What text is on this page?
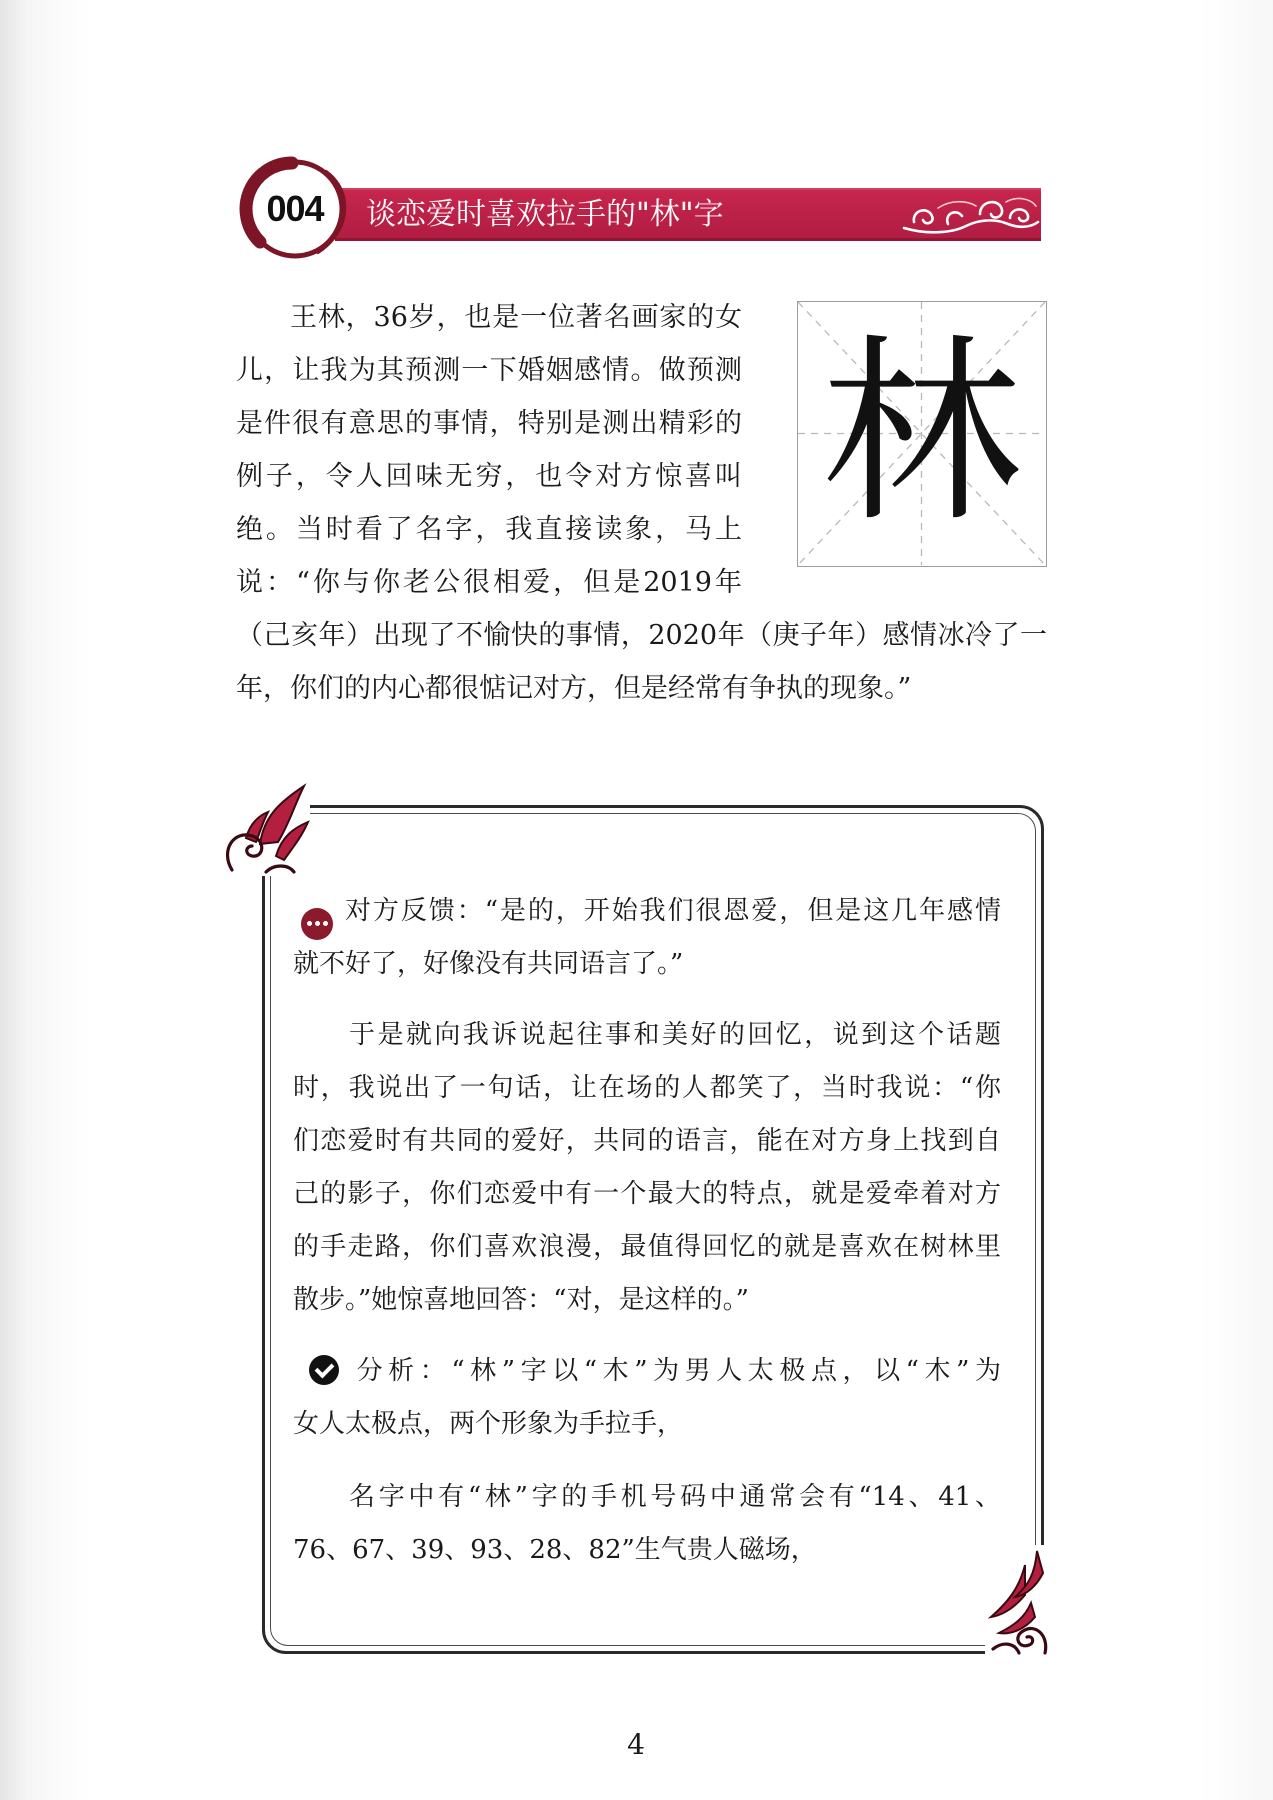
谈恋爱时喜欢拉手的"林"字
004
王林，36岁，也是一位著名画家的女
儿，让我为其预测一下婚姻感情。做预测
是件很有意思的事情，特别是测出精彩的
例子，令人回味无穷，也令对方惊喜叫
绝。当时看了名字，我直接读象，马上
说：“你与你老公很相爱，但是2019年
（己亥年）出现了不愉快的事情，2020年（庚子年）感情冰冷了一
年，你们的内心都很惦记对方，但是经常有争执的现象。”
林
对方反馈：“是的，开始我们很恩爱，但是这几年感情
就不好了，好像没有共同语言了。”
于是就向我诉说起往事和美好的回忆，说到这个话题
时，我说出了一句话，让在场的人都笑了，当时我说：“你
们恋爱时有共同的爱好，共同的语言，能在对方身上找到自
己的影子，你们恋爱中有一个最大的特点，就是爱牵着对方
的手走路，你们喜欢浪漫，最值得回忆的就是喜欢在树林里
散步。”她惊喜地回答：“对，是这样的。”
分析：“林”字以“木”为男人太极点，以“木”为
女人太极点，两个形象为手拉手，
名字中有“林”字的手机号码中通常会有“14、41、
76、67、39、93、28、82”生气贵人磁场，
4
